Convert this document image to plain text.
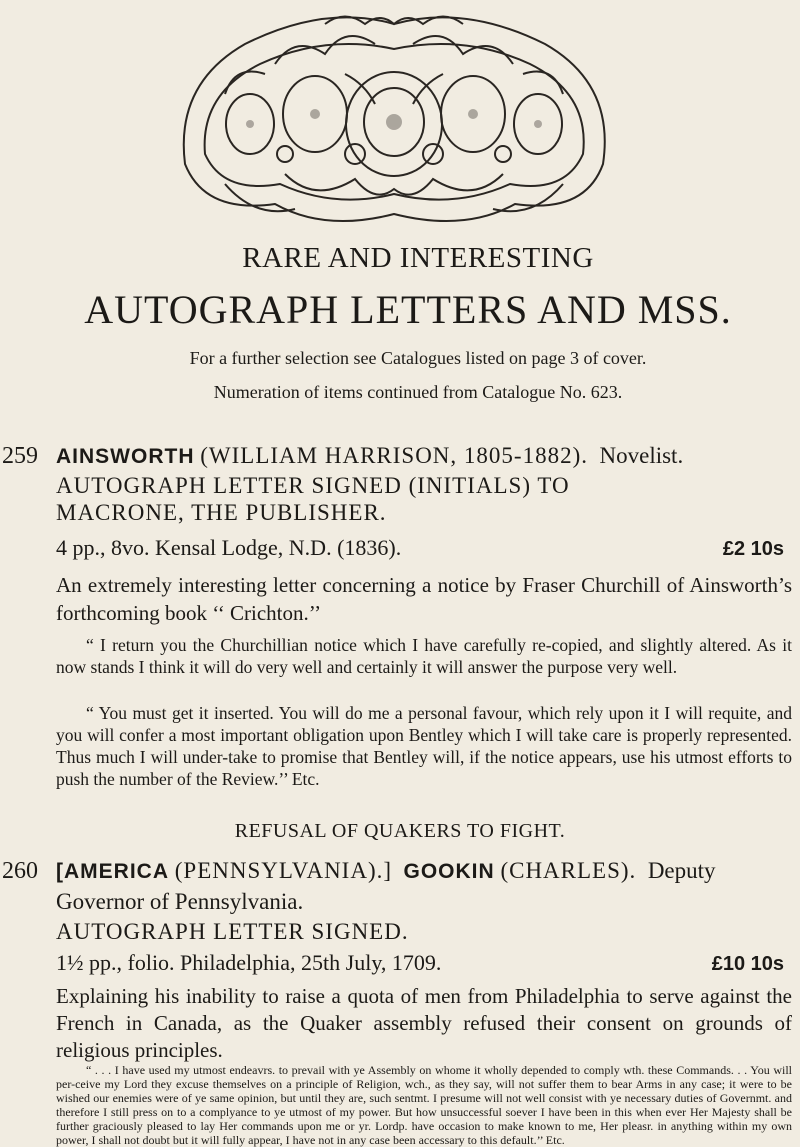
RARE AND INTERESTING
AUTOGRAPH LETTERS AND MSS.
For a further selection see Catalogues listed on page 3 of cover.
Numeration of items continued from Catalogue No. 623.
259 AINSWORTH (WILLIAM HARRISON, 1805-1882). Novelist.
AUTOGRAPH LETTER SIGNED (INITIALS) TO
MACRONE, THE PUBLISHER.
4 pp., 8vo. Kensal Lodge, N.D. (1836).	£2 10s
An extremely interesting letter concerning a notice by Fraser Churchill of Ainsworth’s forthcoming book ‘‘ Crichton.’’
“ I return you the Churchillian notice which I have carefully re-copied, and slightly altered. As it now stands I think it will do very well and certainly it will answer the purpose very well.
“ You must get it inserted. You will do me a personal favour, which rely upon it I will requite, and you will confer a most important obligation upon Bentley which I will take care is properly represented. Thus much I will under-take to promise that Bentley will, if the notice appears, use his utmost efforts to push the number of the Review.’’ Etc.
REFUSAL OF QUAKERS TO FIGHT.
260 [AMERICA (PENNSYLVANIA).] GOOKIN (CHARLES). Deputy
Governor of Pennsylvania.
AUTOGRAPH LETTER SIGNED.
1½ pp., folio. Philadelphia, 25th July, 1709.	£10 10s
Explaining his inability to raise a quota of men from Philadelphia to serve against the French in Canada, as the Quaker assembly refused their consent on grounds of religious principles.
“ . . . I have used my utmost endeavrs. to prevail with ye Assembly on whome it wholly depended to comply wth. these Commands. . . You will per-ceive my Lord they excuse themselves on a principle of Religion, wch., as they say, will not suffer them to bear Arms in any case; it were to be wished our enemies were of ye same opinion, but until they are, such sentmt. I presume will not well consist with ye necessary duties of Governmt. and therefore I still press on to a complyance to ye utmost of my power. But how unsuccessful soever I have been in this when ever Her Majesty shall be further graciously pleased to lay Her commands upon me or yr. Lordp. have occasion to make known to me, Her pleasr. in anything within my own power, I shall not doubt but it will fully appear, I have not in any case been accessary to this default.’’ Etc.
